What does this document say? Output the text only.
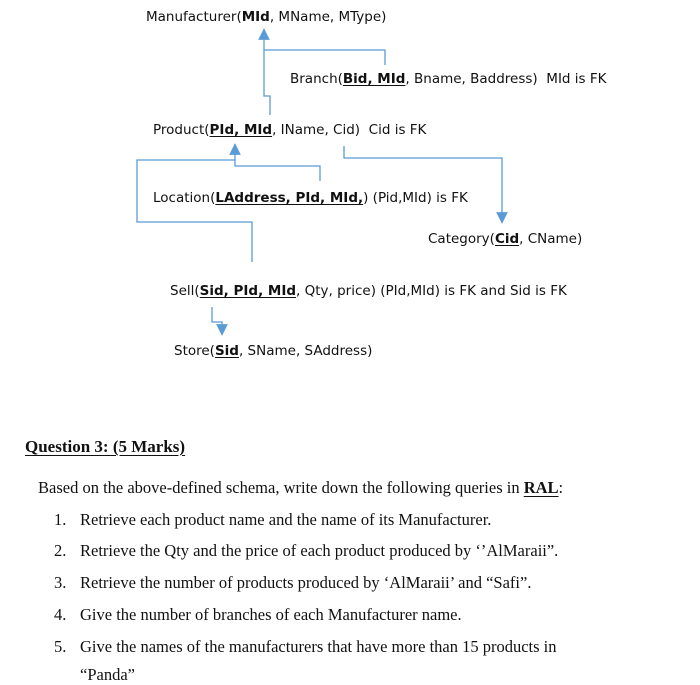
Manufacturer(MId, MName, MType)
Branch(Bid, MId, Bname, Baddress) MId is FK
Product(PId, MId, IName, Cid) Cid is FK
Location(LAddress, PId, MId,) (Pid,MId) is FK
Category(Cid, CName)
Sell(Sid, PId, MId, Qty, price) (PId,MId) is FK and Sid is FK
Store(Sid, SName, SAddress)
Question 3: (5 Marks)
Based on the above-defined schema, write down the following queries in RAL:
1. Retrieve each product name and the name of its Manufacturer.
2. Retrieve the Qty and the price of each product produced by ‘’AlMaraii”.
3. Retrieve the number of products produced by ‘AlMaraii’ and “Safi”.
4. Give the number of branches of each Manufacturer name.
5. Give the names of the manufacturers that have more than 15 products in
“Panda”
